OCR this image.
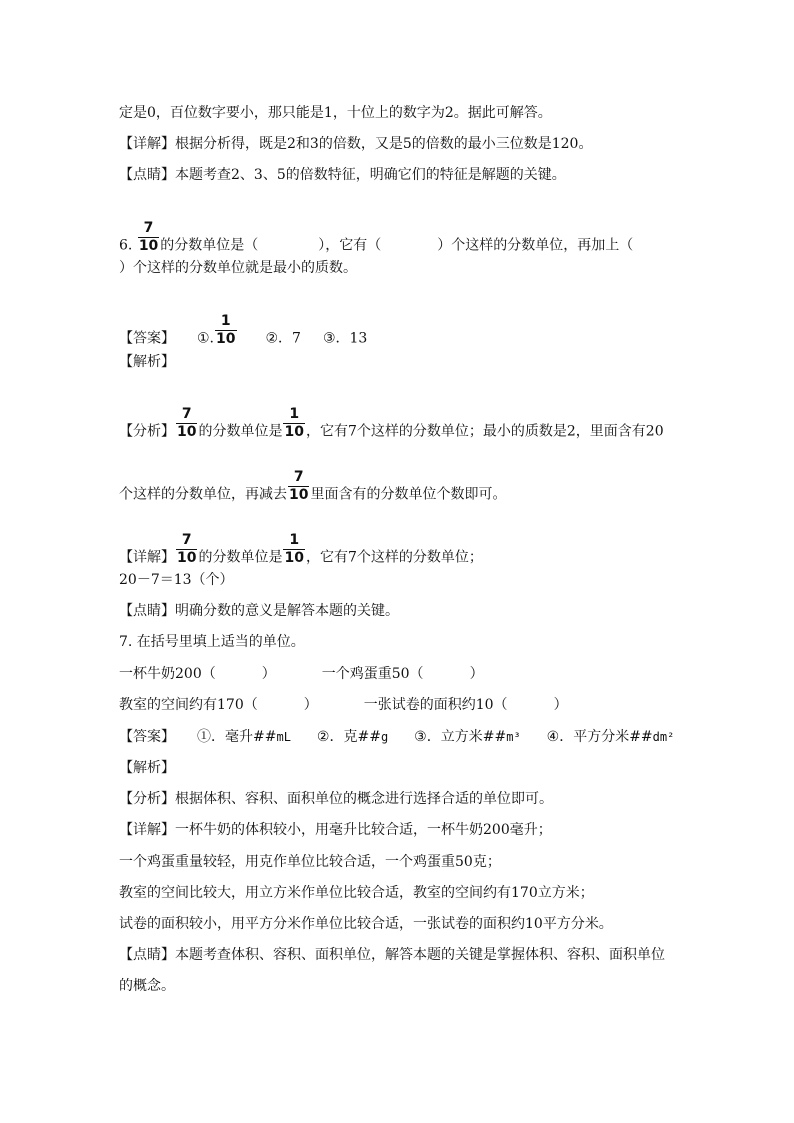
定是0，百位数字要小，那只能是1，十位上的数字为2。据此可解答。
【详解】根据分析得，既是2和3的倍数，又是5的倍数的最小三位数是120。
【点睛】本题考查2、3、5的倍数特征，明确它们的特征是解题的关键。
6. $\frac{7}{10}$ 的分数单位是（	），它有（	）个这样的分数单位，再加上（
）个这样的分数单位就是最小的质数。
【答案】 ①. $\frac{1}{10}$ ②．7 ③．13
【解析】
【分析】 $\frac{7}{10}$ 的分数单位是 $\frac{1}{10}$ ，它有7个这样的分数单位；最小的质数是2，里面含有20
个这样的分数单位，再减去 $\frac{7}{10}$ 里面含有的分数单位个数即可。
【详解】 $\frac{7}{10}$ 的分数单位是 $\frac{1}{10}$ ，它有7个这样的分数单位；
20－7＝13（个）
【点睛】明确分数的意义是解答本题的关键。
7. 在括号里填上适当的单位。
一杯牛奶200（	）	一个鸡蛋重50（	）
教室的空间约有170（	）	一张试卷的面积约10（	）
【答案】 ①．毫升##mL ②．克##g ③．立方米##m³ ④．平方分米##dm²
【解析】
【分析】根据体积、容积、面积单位的概念进行选择合适的单位即可。
【详解】一杯牛奶的体积较小，用毫升比较合适，一杯牛奶200毫升；
一个鸡蛋重量较轻，用克作单位比较合适，一个鸡蛋重50克；
教室的空间比较大，用立方米作单位比较合适，教室的空间约有170立方米；
试卷的面积较小，用平方分米作单位比较合适，一张试卷的面积约10平方分米。
【点睛】本题考查体积、容积、面积单位，解答本题的关键是掌握体积、容积、面积单位
的概念。
